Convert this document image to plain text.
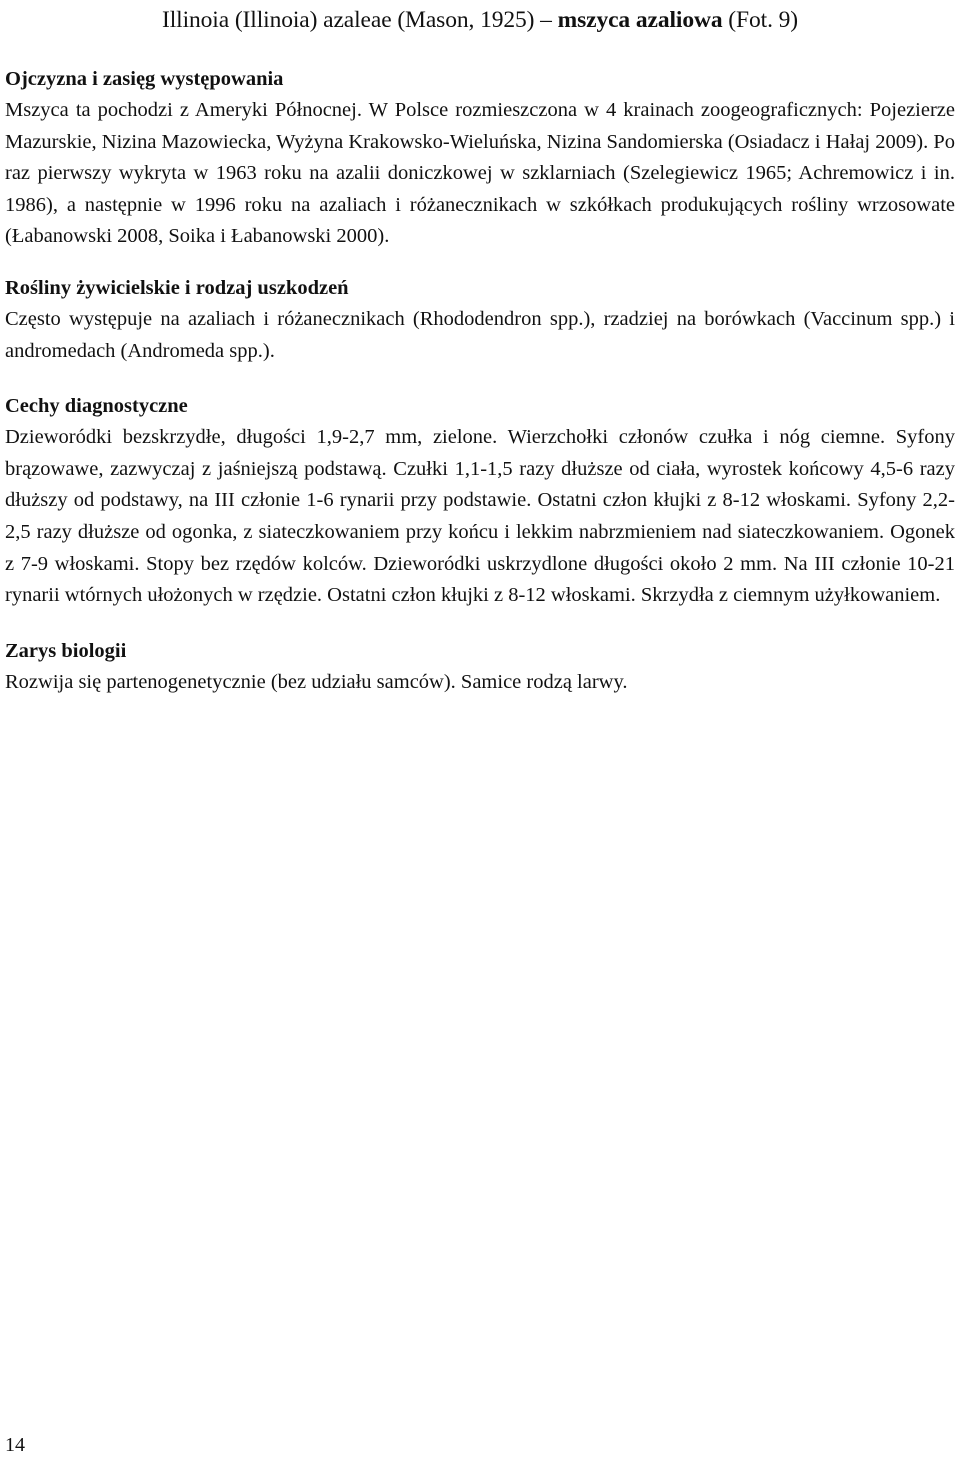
Illinoia (Illinoia) azaleae (Mason, 1925) – mszyca azaliowa (Fot. 9)
Ojczyzna i zasięg występowania

Mszyca ta pochodzi z Ameryki Północnej. W Polsce rozmieszczona w 4 krainach zoogeograficznych: Pojezierze Mazurskie, Nizina Mazowiecka, Wyżyna Krakowsko-Wieluńska, Nizina Sandomierska (Osiadacz i Hałaj 2009). Po raz pierwszy wykryta w 1963 roku na azalii doniczkowej w szklarniach (Szelegiewicz 1965; Achremowicz i in. 1986), a następnie w 1996 roku na azaliach i różanecznikach w szkółkach produkujących rośliny wrzosowate (Łabanowski 2008, Soika i Łabanowski 2000).

Rośliny żywicielskie i rodzaj uszkodzeń

Często występuje na azaliach i różanecznikach (Rhododendron spp.), rzadziej na borówkach (Vaccinum spp.) i andromedach (Andromeda spp.).

Cechy diagnostyczne

Dzieworódki bezskrzydłe, długości 1,9-2,7 mm, zielone. Wierzchołki członów czułka i nóg ciemne. Syfony brązowawe, zazwyczaj z jaśniejszą podstawą. Czułki 1,1-1,5 razy dłuższe od ciała, wyrostek końcowy 4,5-6 razy dłuższy od podstawy, na III członie 1-6 rynarii przy podstawie. Ostatni człon kłujki z 8-12 włoskami. Syfony 2,2-2,5 razy dłuższe od ogonka, z siateczkowaniem przy końcu i lekkim nabrzmieniem nad siateczkowaniem. Ogonek z 7-9 włoskami. Stopy bez rzędów kolców. Dzieworódki uskrzydlone długości około 2 mm. Na III członie 10-21 rynarii wtórnych ułożonych w rzędzie. Ostatni człon kłujki z 8-12 włoskami. Skrzydła z ciemnym użyłkowaniem.

Zarys biologii

Rozwija się partenogenetycznie (bez udziału samców). Samice rodzą larwy.

14
